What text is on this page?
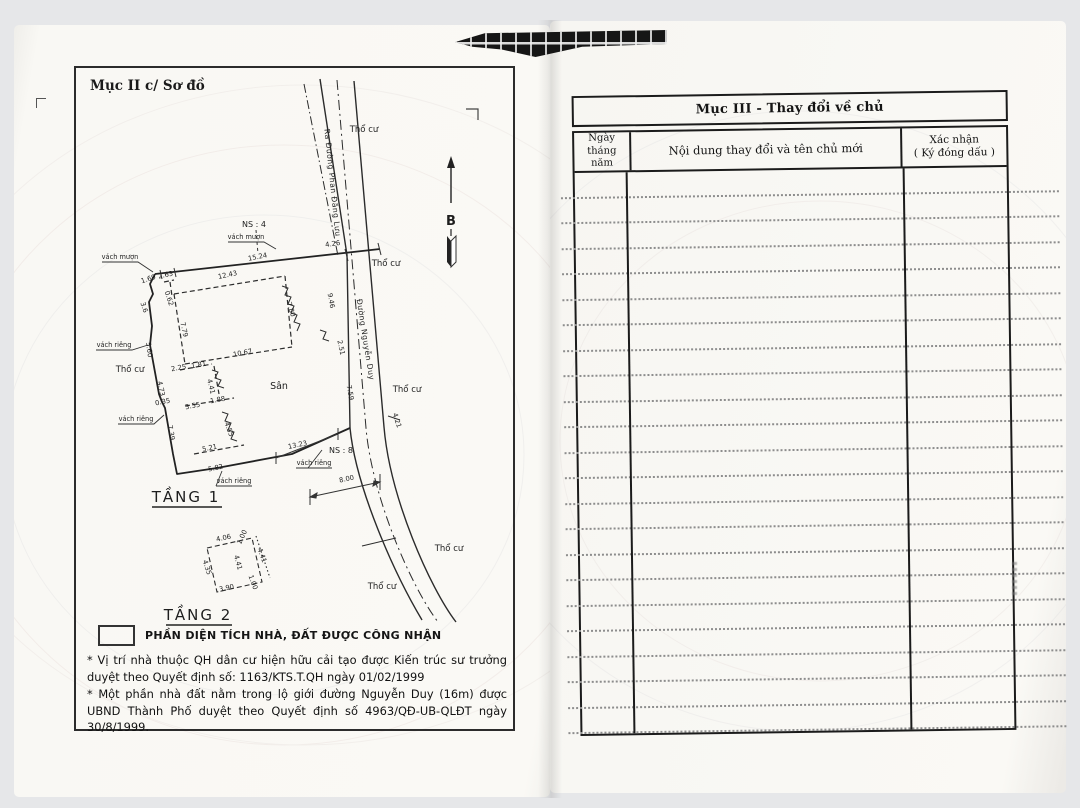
Mục II c/ Sơ đồ
B
vách mượn
vách mượn
vách riêng
vách riêng
vách riêng
vách riêng
Thổ cư
Thổ cư
Thổ cư
Thổ cư
Thổ cư
Thổ cư
NS : 4
NS : 8
Sân
Ra Đường Phan Đăng Lưu
Đường Nguyễn Duy
TẦNG 1
TẦNG 2
15.24
4.26
1.69 2.63	12.43
3.6
0.62
7.79
7.80
10.67
9.46
2.51
7.59
5.60
4.73
2.25 1.81
4.41
0.35 3.55
1.88
4.55
7.39
5.21
5.82
13.23
4.21
8.00
4.06 1.00
4.41
4.41
4.35
3.90 1.00
PHẦN DIỆN TÍCH NHÀ, ĐẤT ĐƯỢC CÔNG NHẬN

* Vị trí nhà thuộc QH dân cư hiện hữu cải tạo được Kiến trúc sư trưởng duyệt theo Quyết định số: 1163/KTS.T.QH ngày 01/02/1999

* Một phần nhà đất nằm trong lộ giới đường Nguyễn Duy (16m) được UBND Thành Phố duyệt theo Quyết định số 4963/QĐ-UB-QLĐT ngày 30/8/1999.

Mục III - Thay đổi về chủ
Ngày tháng
năm
Nội dung thay đổi và tên chủ mới
Xác nhận
( Ký đóng dấu )
